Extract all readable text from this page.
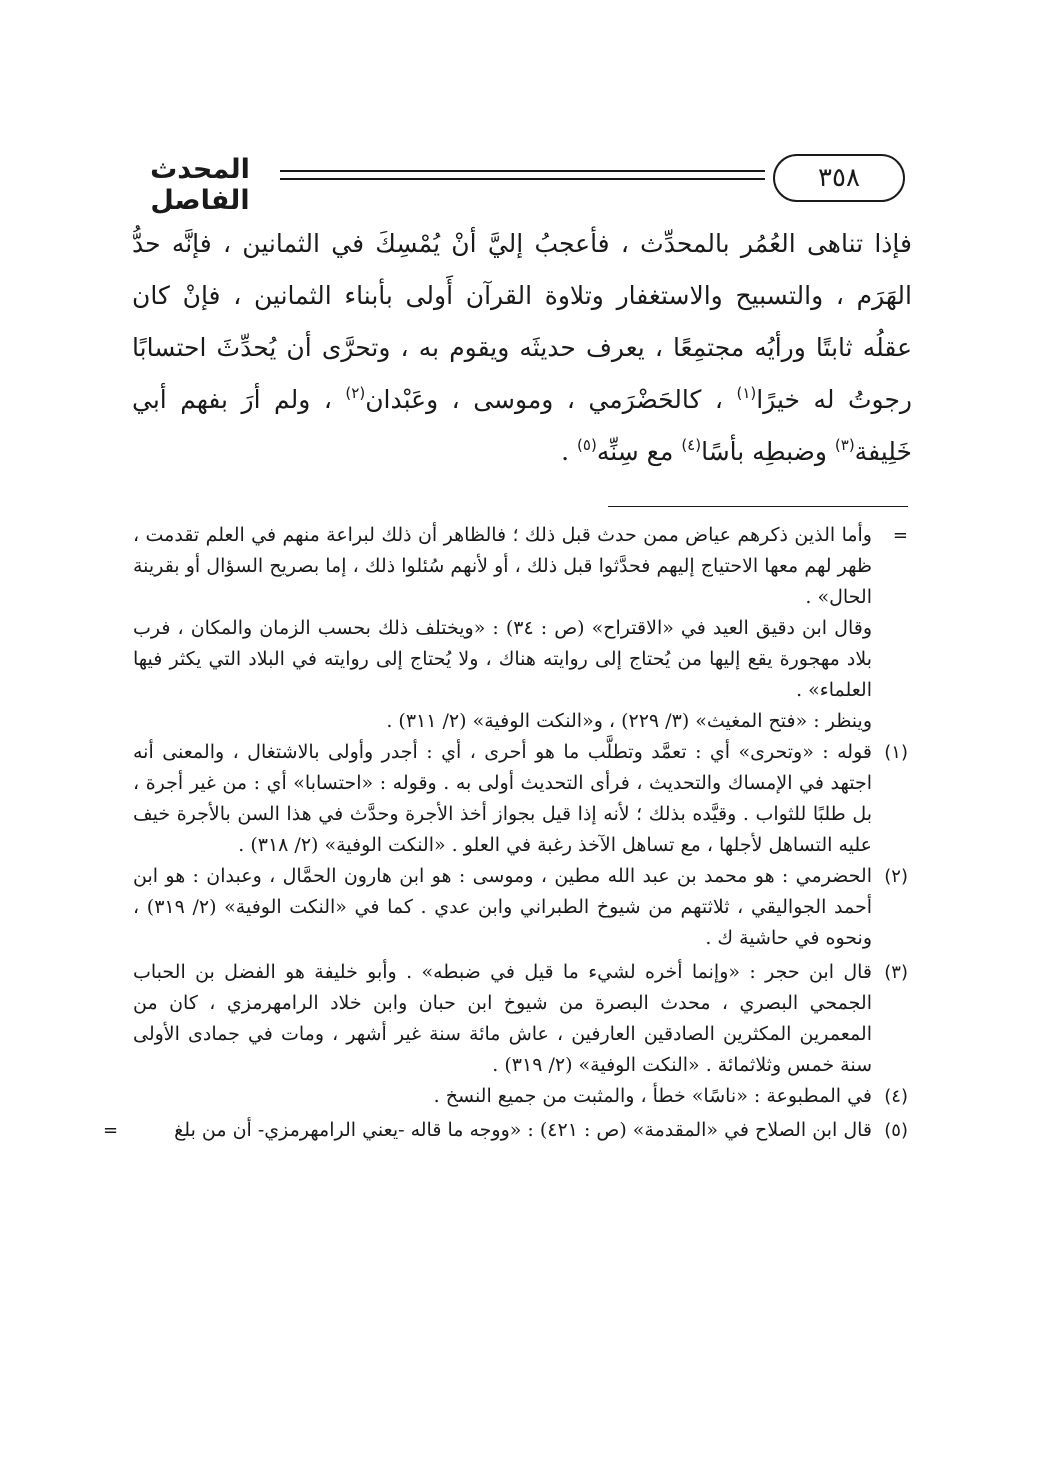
٣٥٨
المحدث الفاصل

فإذا تناهى العُمُر بالمحدِّث ، فأعجبُ إليَّ أنْ يُمْسِكَ في الثمانين ، فإنَّه حدُّ الهَرَم ، والتسبيح والاستغفار وتلاوة القرآن أَولى بأبناء الثمانين ، فإنْ كان عقلُه ثابتًا ورأيُه مجتمِعًا ، يعرف حديثَه ويقوم به ، وتحرَّى أن يُحدِّثَ احتسابًا رجوتُ له خيرًا$^{(١)}$ ، كالحَضْرَمي ، وموسى ، وعَبْدان$^{(٢)}$ ، ولم أرَ بفهم أبي خَلِيفة$^{(٣)}$ وضبطِه بأسًا$^{(٤)}$ مع سِنِّه$^{(٥)}$ .

=

وأما الذين ذكرهم عياض ممن حدث قبل ذلك ؛ فالظاهر أن ذلك لبراعة منهم في العلم تقدمت ، ظهر لهم معها الاحتياج إليهم فحدَّثوا قبل ذلك ، أو لأنهم سُئلوا ذلك ، إما بصريح السؤال أو بقرينة الحال» .

وقال ابن دقيق العيد في «الاقتراح» (ص : ٣٤) : «ويختلف ذلك بحسب الزمان والمكان ، فرب بلاد مهجورة يقع إليها من يُحتاج إلى روايته هناك ، ولا يُحتاج إلى روايته في البلاد التي يكثر فيها العلماء» .

وينظر : «فتح المغيث» (٣/ ٢٢٩) ، و«النكت الوفية» (٢/ ٣١١) .

(١)

قوله : «وتحرى» أي : تعمَّد وتطلَّب ما هو أحرى ، أي : أجدر وأولى بالاشتغال ، والمعنى أنه اجتهد في الإمساك والتحديث ، فرأى التحديث أولى به . وقوله : «احتسابا» أي : من غير أجرة ، بل طلبًا للثواب . وقيَّده بذلك ؛ لأنه إذا قيل بجواز أخذ الأجرة وحدَّث في هذا السن بالأجرة خيف عليه التساهل لأجلها ، مع تساهل الآخذ رغبة في العلو . «النكت الوفية» (٢/ ٣١٨) .

(٢)

الحضرمي : هو محمد بن عبد الله مطين ، وموسى : هو ابن هارون الحمَّال ، وعبدان : هو ابن أحمد الجواليقي ، ثلاثتهم من شيوخ الطبراني وابن عدي . كما في «النكت الوفية» (٢/ ٣١٩) ، ونحوه في حاشية ك .

(٣)

قال ابن حجر : «وإنما أخره لشيء ما قيل في ضبطه» . وأبو خليفة هو الفضل بن الحباب الجمحي البصري ، محدث البصرة من شيوخ ابن حبان وابن خلاد الرامهرمزي ، كان من المعمرين المكثرين الصادقين العارفين ، عاش مائة سنة غير أشهر ، ومات في جمادى الأولى سنة خمس وثلاثمائة . «النكت الوفية» (٢/ ٣١٩) .

(٤)

في المطبوعة : «ناسًا» خطأ ، والمثبت من جميع النسخ .

(٥)

قال ابن الصلاح في «المقدمة» (ص : ٤٢١) : «ووجه ما قاله -يعني الرامهرمزي- أن من بلغ

=
